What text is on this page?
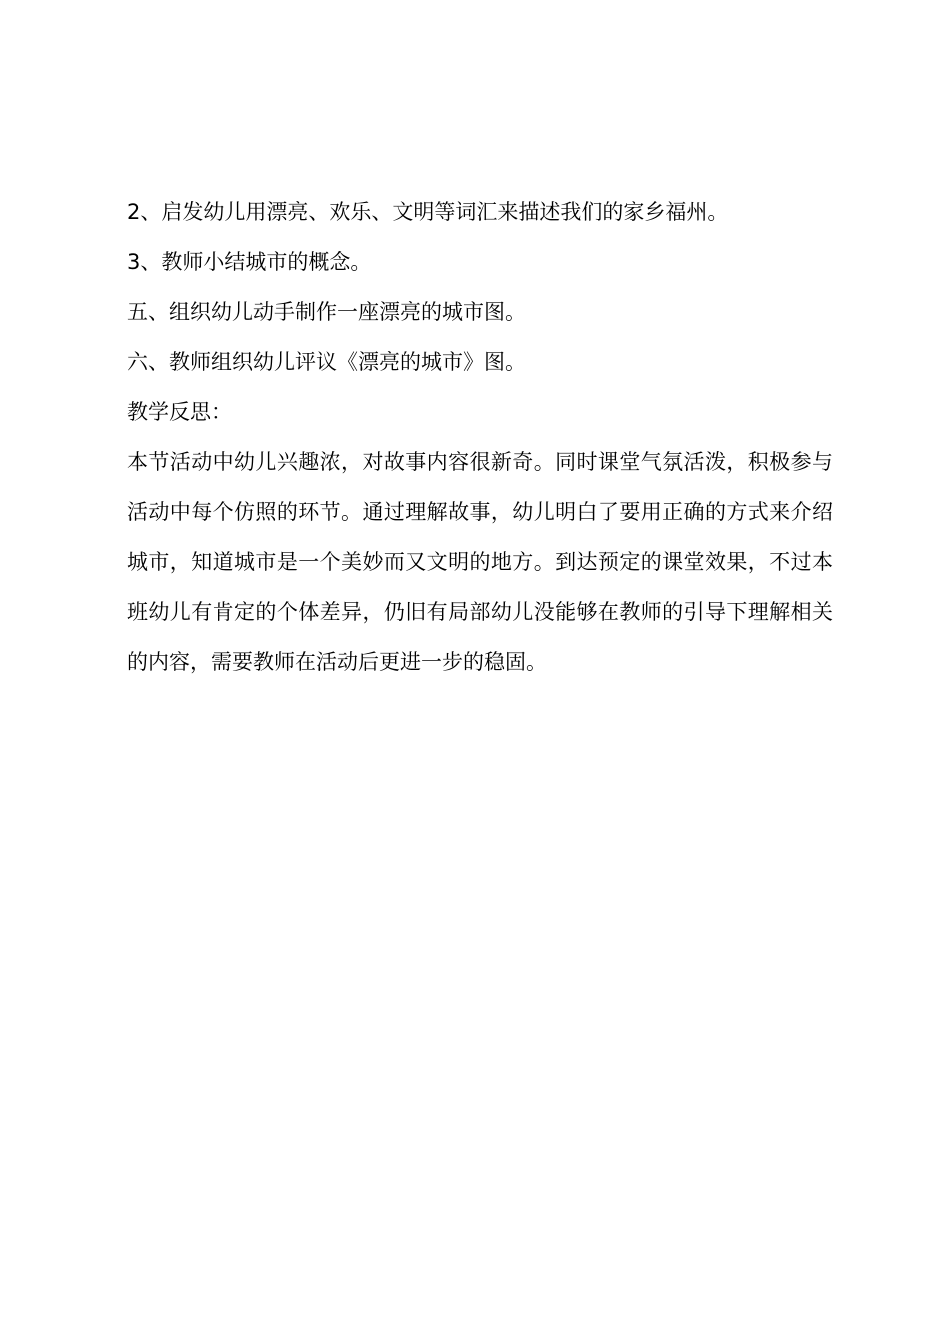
2、启发幼儿用漂亮、欢乐、文明等词汇来描述我们的家乡福州。
3、教师小结城市的概念。
五、组织幼儿动手制作一座漂亮的城市图。
六、教师组织幼儿评议《漂亮的城市》图。
教学反思：
本节活动中幼儿兴趣浓，对故事内容很新奇。同时课堂气氛活泼，积极参与活动中每个仿照的环节。通过理解故事，幼儿明白了要用正确的方式来介绍城市，知道城市是一个美妙而又文明的地方。到达预定的课堂效果，不过本班幼儿有肯定的个体差异，仍旧有局部幼儿没能够在教师的引导下理解相关的内容，需要教师在活动后更进一步的稳固。
